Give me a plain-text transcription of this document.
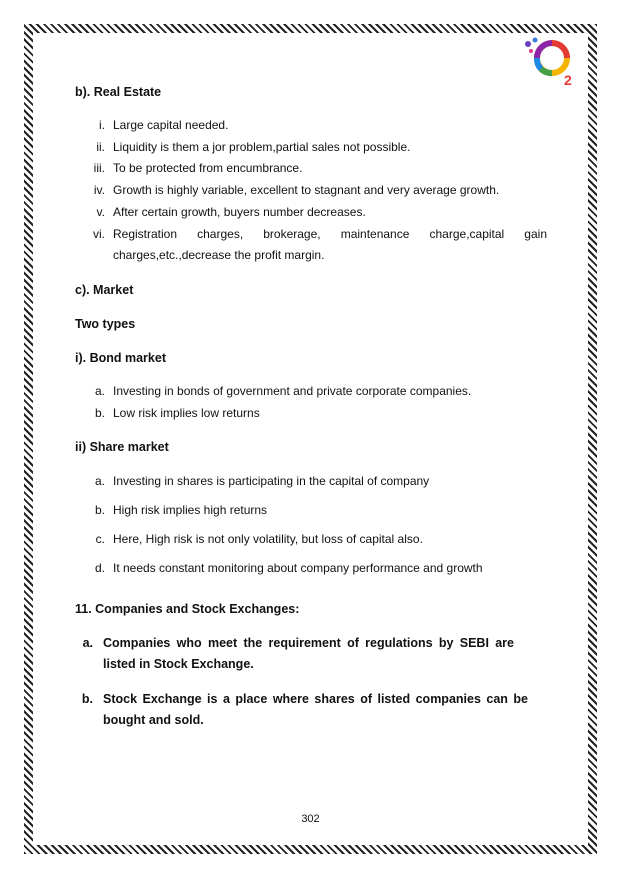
2
b). Real Estate
i. Large capital needed.
ii. Liquidity is them a jor problem,partial sales not possible.
iii. To be protected from encumbrance.
iv. Growth is highly variable, excellent to stagnant and very average growth.
v. After certain growth, buyers number decreases.
vi. Registration charges, brokerage, maintenance charge,capital gain charges,etc.,decrease the profit margin.
c). Market
Two types
i). Bond market
a. Investing in bonds of government and private corporate companies.
b. Low risk implies low returns
ii) Share market
a. Investing in shares is participating in the capital of company
b. High risk implies high returns
c. Here, High risk is not only volatility, but loss of capital also.
d. It needs constant monitoring about company performance and growth
11. Companies and Stock Exchanges:
a. Companies who meet the requirement of regulations by SEBI are listed in Stock Exchange.
b. Stock Exchange is a place where shares of listed companies can be bought and sold.
302
